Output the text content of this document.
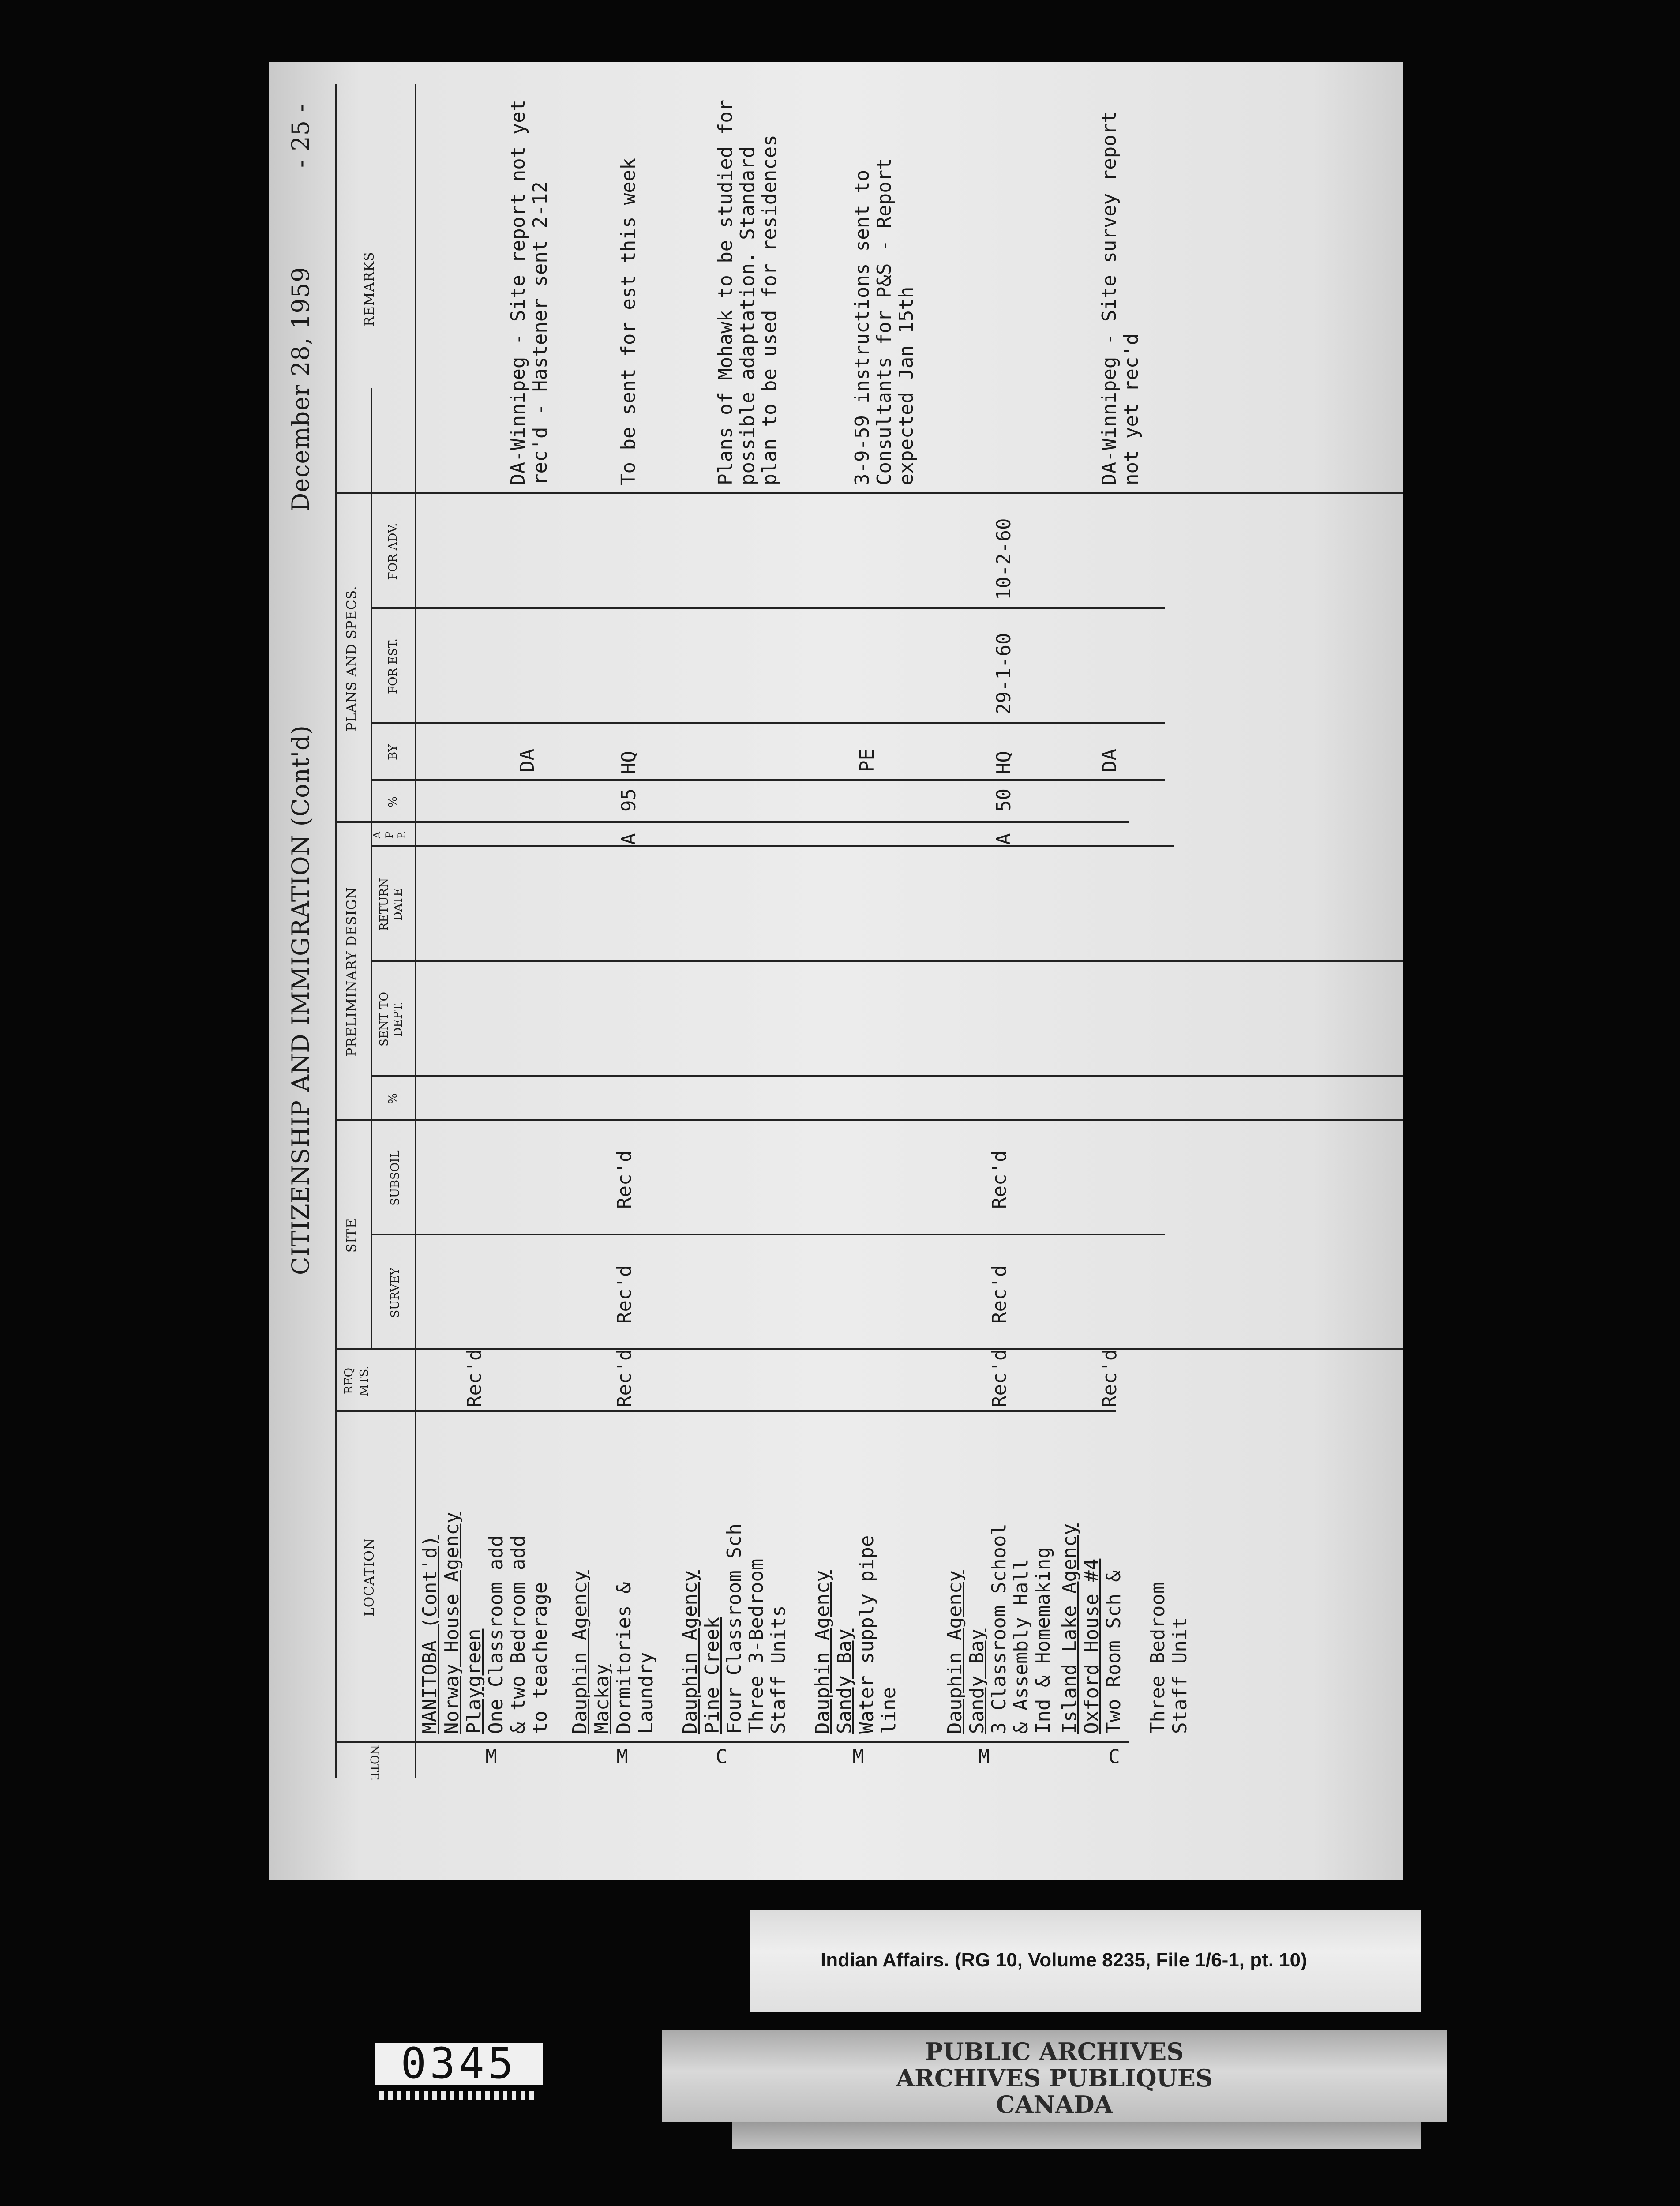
CITIZENSHIP AND IMMIGRATION (Cont'd)
December 28, 1959
- 25 -
NOTE
LOCATION
REQ MTS.
SITE
SURVEY
SUBSOIL
PRELIMINARY DESIGN
%
SENT TO DEPT.
RETURN DATE
A P P.
PLANS AND SPECS.
%
BY
FOR EST.
FOR ADV.
REMARKS
MANITOBA (Cont'd) Norway House Agency
M
Playgreen One Classroom add & two Bedroom add to teacherage
Rec'd
DA
DA-Winnipeg - Site report not yet rec'd - Hastener sent 2-12
M
Dauphin Agency Mackay Dormitories & Laundry
Rec'd
Rec'd
Rec'd
A
95
HQ
To be sent for est this week
C
Dauphin Agency Pine Creek Four Classroom Sch Three 3-Bedroom Staff Units
Plans of Mohawk to be studied for possible adaptation. Standard plan to be used for residences
M
Dauphin Agency Sandy Bay Water supply pipe line
PE
3-9-59 instructions sent to Consultants for P&S - Report expected Jan 15th
M
Dauphin Agency Sandy Bay 3 Classroom School & Assembly Hall Ind & Homemaking
Rec'd
Rec'd
Rec'd
A
50
HQ
29-1-60
10-2-60
C
Island Lake Agency Oxford House #4 Two Room Sch & Three Bedroom Staff Unit
Rec'd
DA
DA-Winnipeg - Site survey report not yet rec'd
Indian Affairs. (RG 10, Volume 8235, File 1/6-1, pt. 10)
PUBLIC ARCHIVES
ARCHIVES PUBLIQUES
CANADA
0345
